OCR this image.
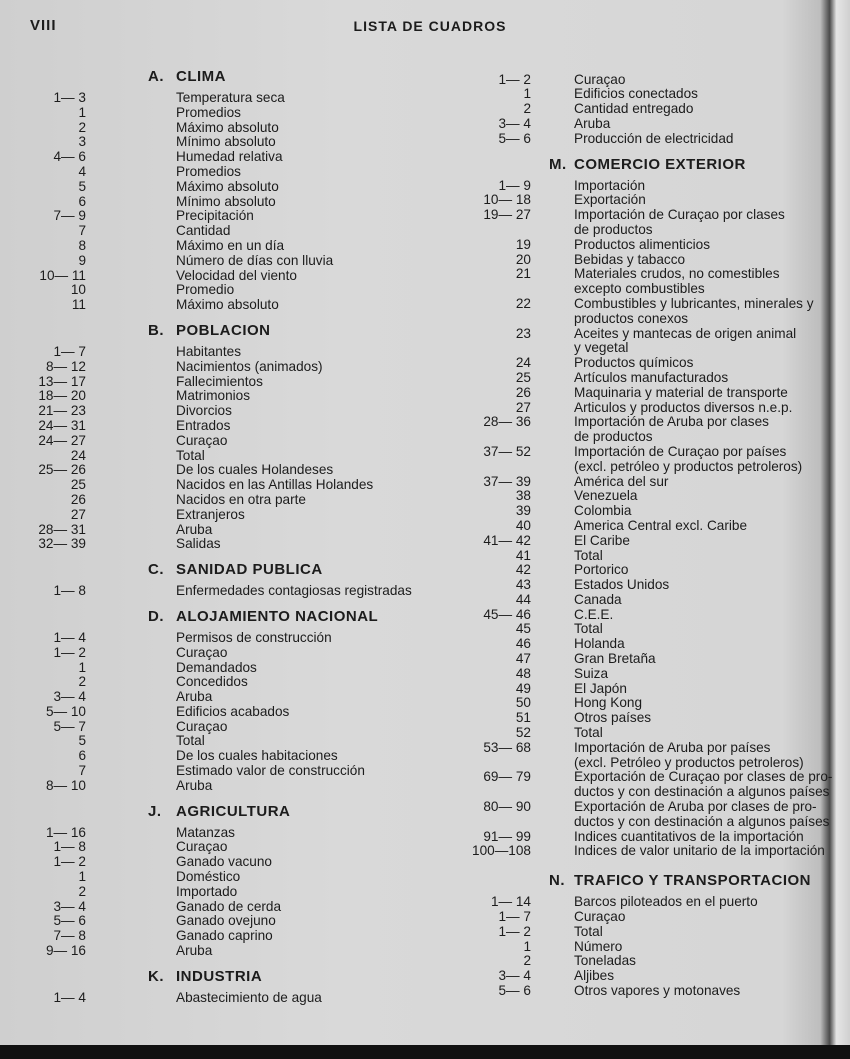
VIII	LISTA DE CUADROS
A. CLIMA
1— 3	Temperatura seca
1	Promedios
2	Máximo absoluto
3	Mínimo absoluto
4— 6	Humedad relativa
4	Promedios
5	Máximo absoluto
6	Mínimo absoluto
7— 9	Precipitación
7	Cantidad
8	Máximo en un día
9	Número de días con lluvia
10— 11	Velocidad del viento
10	Promedio
11	Máximo absoluto
B. POBLACION
1— 7	Habitantes
8— 12	Nacimientos (animados)
13— 17	Fallecimientos
18— 20	Matrimonios
21— 23	Divorcios
24— 31	Entrados
24— 27	Curaçao
24	Total
25— 26	De los cuales Holandeses
25	Nacidos en las Antillas Holandes
26	Nacidos en otra parte
27	Extranjeros
28— 31	Aruba
32— 39	Salidas
C. SANIDAD PUBLICA
1— 8	Enfermedades contagiosas registradas
D. ALOJAMIENTO NACIONAL
1— 4	Permisos de construcción
1— 2	Curaçao
1	Demandados
2	Concedidos
3— 4	Aruba
5— 10	Edificios acabados
5— 7	Curaçao
5	Total
6	De los cuales habitaciones
7	Estimado valor de construcción
8— 10	Aruba
J. AGRICULTURA
1— 16	Matanzas
1— 8	Curaçao
1— 2	Ganado vacuno
1	Doméstico
2	Importado
3— 4	Ganado de cerda
5— 6	Ganado ovejuno
7— 8	Ganado caprino
9— 16	Aruba
K. INDUSTRIA
1— 4	Abastecimiento de agua
1— 2	Curaçao
1	Edificios conectados
2	Cantidad entregado
3— 4	Aruba
5— 6	Producción de electricidad
M. COMERCIO EXTERIOR
1— 9	Importación
10— 18	Exportación
19— 27	Importación de Curaçao por clases
de productos
19	Productos alimenticios
20	Bebidas y tabacco
21	Materiales crudos, no comestibles
excepto combustibles
22	Combustibles y lubricantes, minerales y
productos conexos
23	Aceites y mantecas de origen animal
y vegetal
24	Productos químicos
25	Artículos manufacturados
26	Maquinaria y material de transporte
27	Articulos y productos diversos n.e.p.
28— 36	Importación de Aruba por clases
de productos
37— 52	Importación de Curaçao por países
(excl. petróleo y productos petroleros)
37— 39	América del sur
38	Venezuela
39	Colombia
40	America Central excl. Caribe
41— 42	El Caribe
41	Total
42	Portorico
43	Estados Unidos
44	Canada
45— 46	C.E.E.
45	Total
46	Holanda
47	Gran Bretaña
48	Suiza
49	El Japón
50	Hong Kong
51	Otros países
52	Total
53— 68	Importación de Aruba por países
(excl. Petróleo y productos petroleros)
69— 79	Exportación de Curaçao por clases de pro-
ductos y con destinación a algunos países
80— 90	Exportación de Aruba por clases de pro-
ductos y con destinación a algunos países
91— 99	Indices cuantitativos de la importación
100—108	Indices de valor unitario de la importación
N. TRAFICO Y TRANSPORTACION
1— 14	Barcos piloteados en el puerto
1— 7	Curaçao
1— 2	Total
1	Número
2	Toneladas
3— 4	Aljibes
5— 6	Otros vapores y motonaves
